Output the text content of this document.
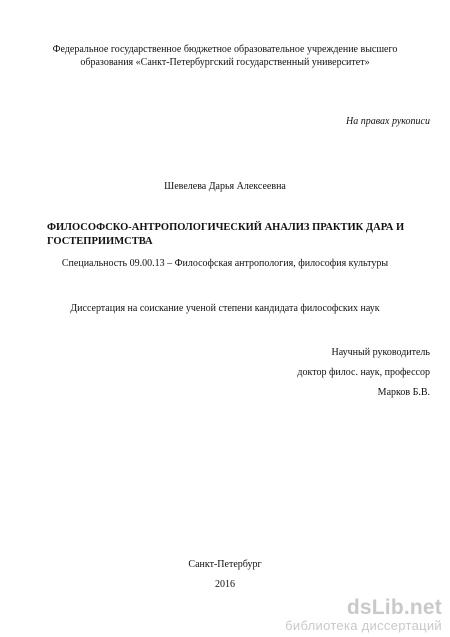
Федеральное государственное бюджетное образовательное учреждение высшего
образования «Санкт-Петербургский государственный университет»
На правах рукописи
Шевелева Дарья Алексеевна
ФИЛОСОФСКО-АНТРОПОЛОГИЧЕСКИЙ АНАЛИЗ ПРАКТИК ДАРА И
ГОСТЕПРИИМСТВА
Специальность 09.00.13 – Философская антропология, философия культуры
Диссертация на соискание ученой степени кандидата философских наук
Научный руководитель
доктор филос. наук, профессор
Марков Б.В.
Санкт-Петербург
2016
dsLib.net
библиотека диссертаций
